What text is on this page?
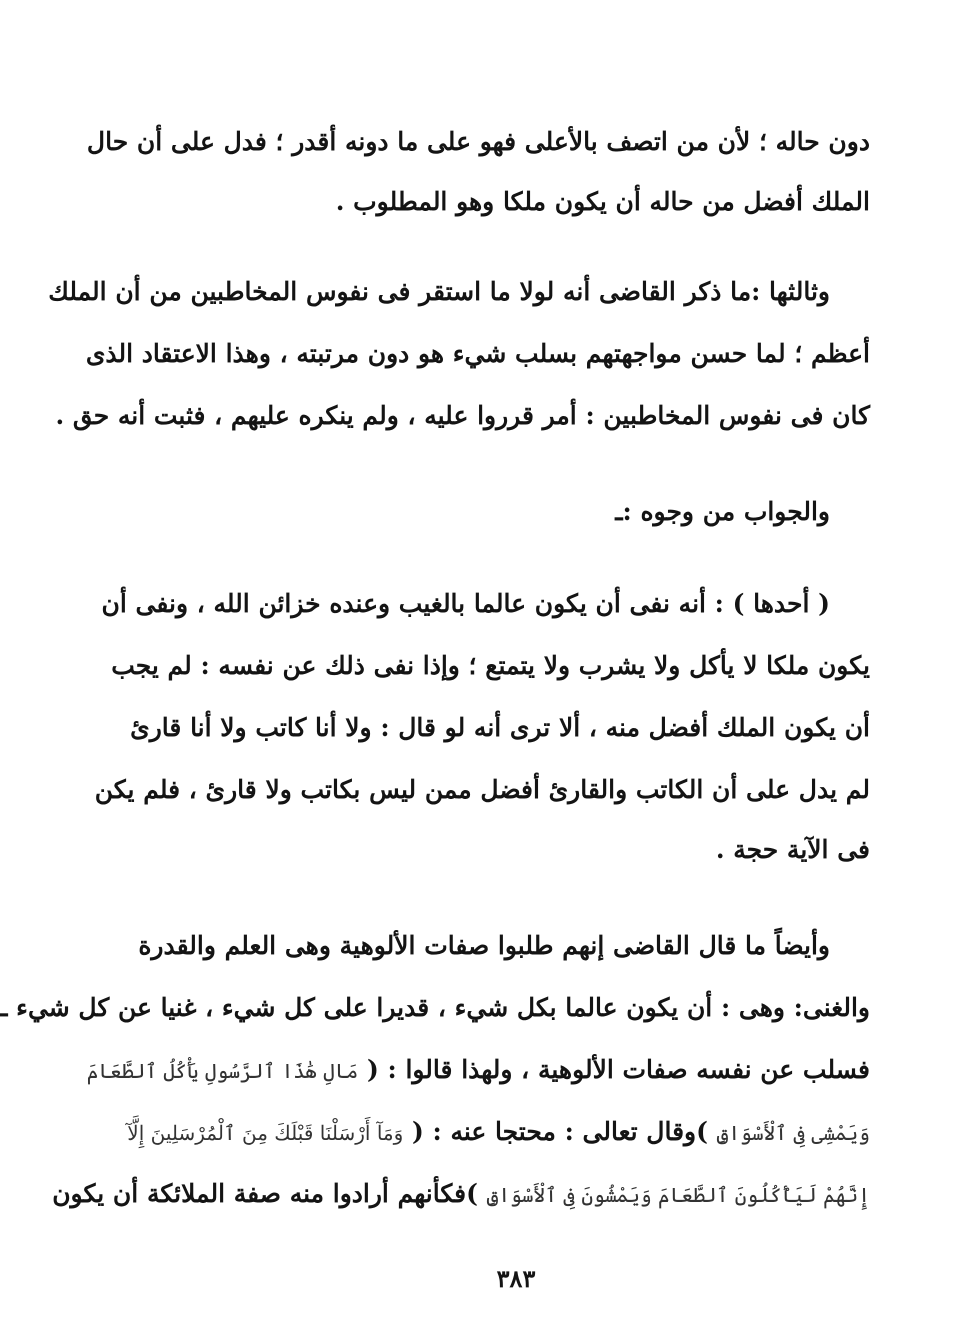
دون حاله ؛ لأن من اتصف بالأعلى فهو على ما دونه أقدر ؛ فدل على أن حال
الملك أفضل من حاله أن يكون ملكا وهو المطلوب .
وثالثها :ما ذكر القاضى أنه لولا ما استقر فى نفوس المخاطبين من أن الملك
أعظم ؛ لما حسن مواجهتهم بسلب شيء هو دون مرتبته ، وهذا الاعتقاد الذى
كان فى نفوس المخاطبين : أمر قرروا عليه ، ولم ينكره عليهم ، فثبت أنه حق .
والجواب من وجوه :ـ
( أحدها ) : أنه نفى أن يكون عالما بالغيب وعنده خزائن الله ، ونفى أن
يكون ملكا لا يأكل ولا يشرب ولا يتمتع ؛ وإذا نفى ذلك عن نفسه : لم يجب
أن يكون الملك أفضل منه ، ألا ترى أنه لو قال : ولا أنا كاتب ولا أنا قارئ
لم يدل على أن الكاتب والقارئ أفضل ممن ليس بكاتب ولا قارئ ، فلم يكن
فى الآية حجة .
وأيضاً ما قال القاضى إنهم طلبوا صفات الألوهية وهى العلم والقدرة
والغنى: وهى : أن يكون عالما بكل شيء ، قديرا على كل شيء ، غنيا عن كل شيء ـ
فسلب عن نفسه صفات الألوهية ، ولهذا قالوا : ( مَالِ هَٰذَا ٱلرَّسُولِ يَأْكُلُ ٱلطَّعَامَ
وَيَمْشِى فِى ٱلْأَسْوَاقِ )وقال تعالى : محتجا عنه : ( وَمَآ أَرْسَلْنَا قَبْلَكَ مِنَ ٱلْمُرْسَلِينَ إِلَّآ
إِنَّهُمْ لَيَأْكُلُونَ ٱلطَّعَامَ وَيَمْشُونَ فِى ٱلْأَسْوَاقِ )فكأنهم أرادوا منه صفة الملائكة أن يكون
٣٨٣
